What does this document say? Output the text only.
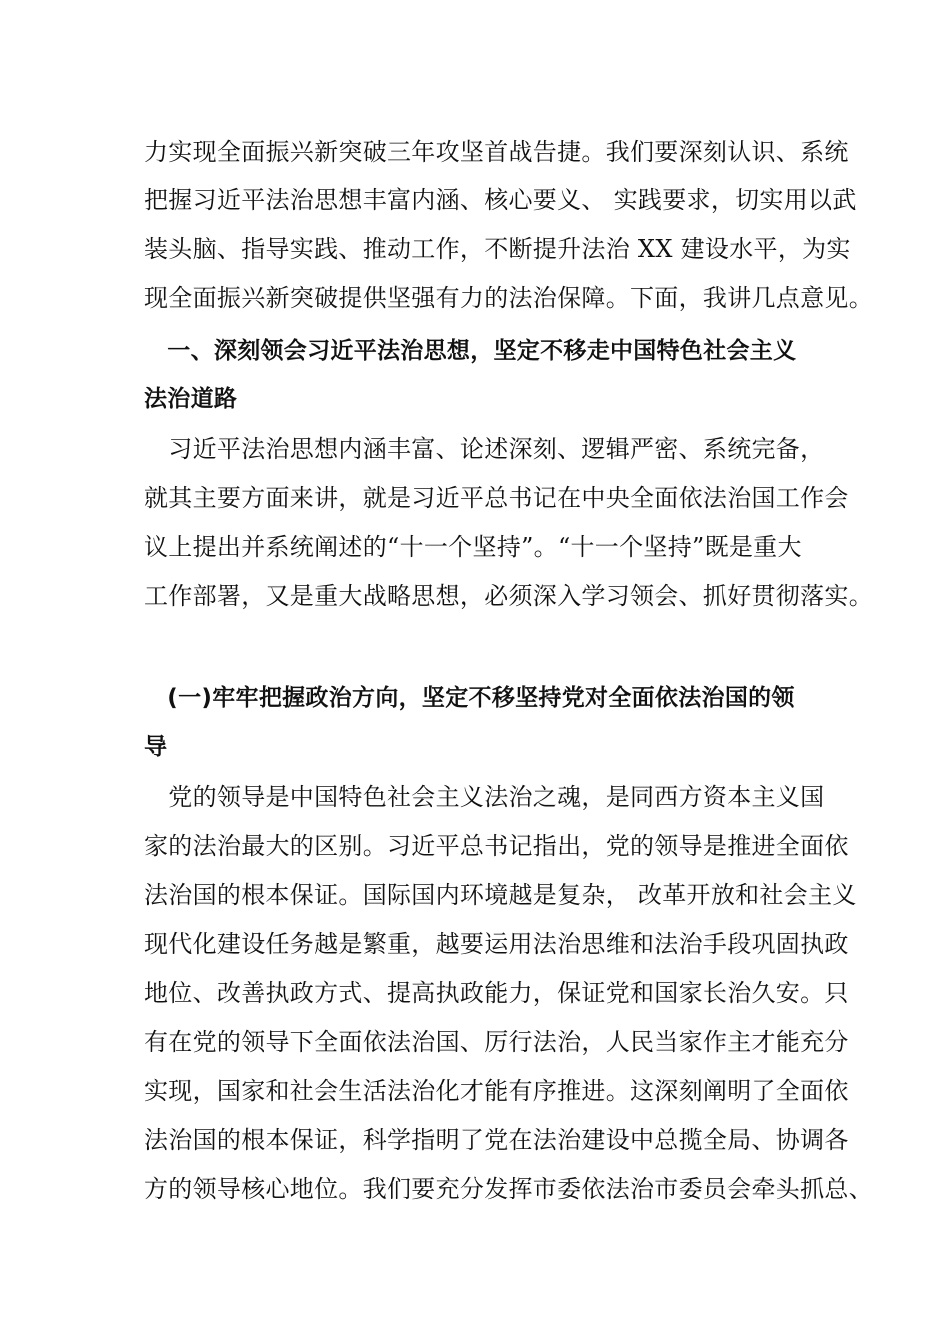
力实现全面振兴新突破三年攻坚首战告捷。我们要深刻认识、系统
把握习近平法治思想丰富内涵、核心要义、 实践要求，切实用以武
装头脑、指导实践、推动工作，不断提升法治 XX 建设水平，为实
现全面振兴新突破提供坚强有力的法治保障。下面，我讲几点意见。
　一、深刻领会习近平法治思想，坚定不移走中国特色社会主义
法治道路
　习近平法治思想内涵丰富、论述深刻、逻辑严密、系统完备，
就其主要方面来讲，就是习近平总书记在中央全面依法治国工作会
议上提出并系统阐述的“十一个坚持”。“十一个坚持”既是重大
工作部署，又是重大战略思想，必须深入学习领会、抓好贯彻落实。
　(一)牢牢把握政治方向，坚定不移坚持党对全面依法治国的领
导
　党的领导是中国特色社会主义法治之魂，是同西方资本主义国
家的法治最大的区别。习近平总书记指出，党的领导是推进全面依
法治国的根本保证。国际国内环境越是复杂， 改革开放和社会主义
现代化建设任务越是繁重，越要运用法治思维和法治手段巩固执政
地位、改善执政方式、提高执政能力，保证党和国家长治久安。只
有在党的领导下全面依法治国、厉行法治，人民当家作主才能充分
实现，国家和社会生活法治化才能有序推进。这深刻阐明了全面依
法治国的根本保证，科学指明了党在法治建设中总揽全局、协调各
方的领导核心地位。我们要充分发挥市委依法治市委员会牵头抓总、
